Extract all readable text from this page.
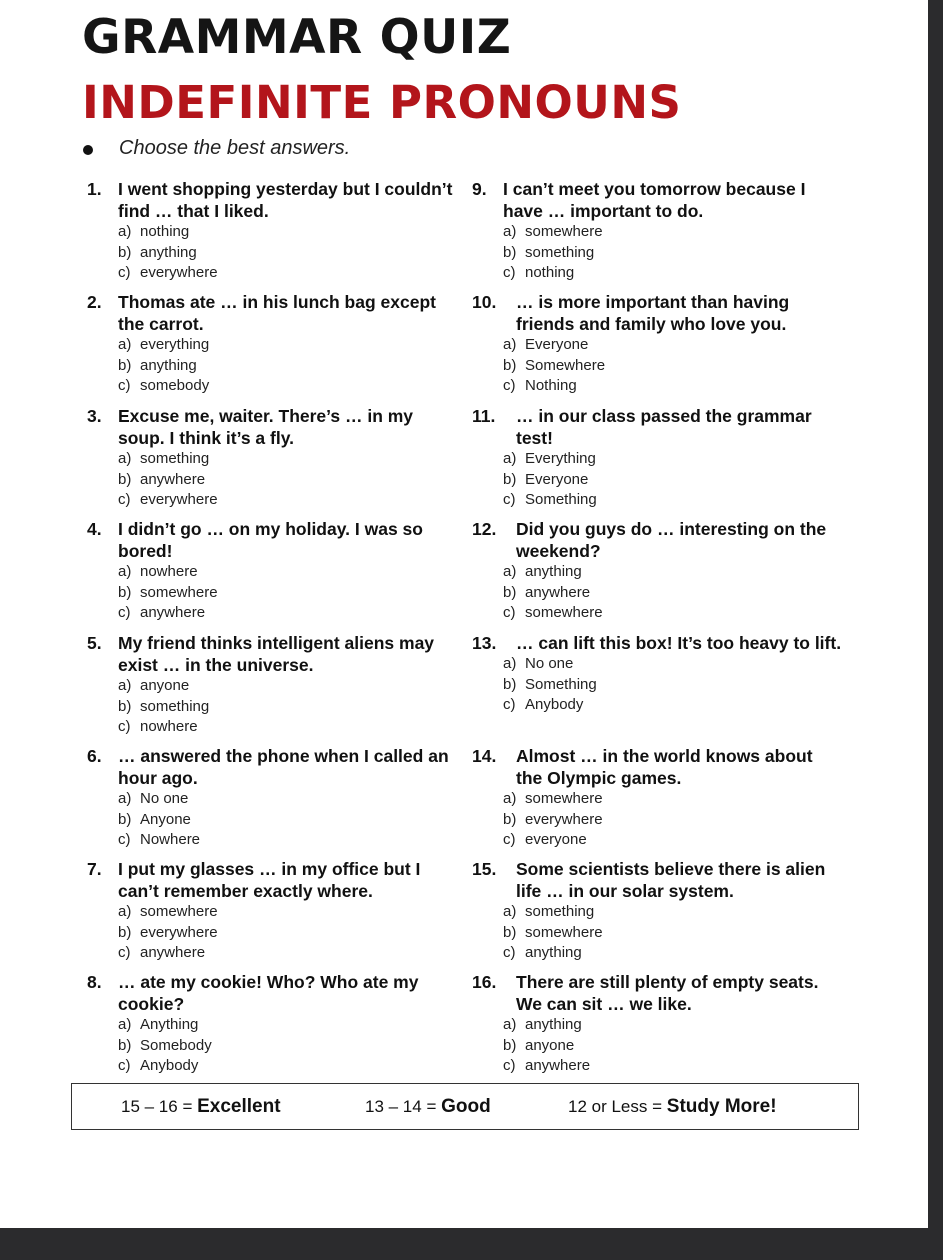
GRAMMAR QUIZ
INDEFINITE PRONOUNS
Choose the best answers.
1. I went shopping yesterday but I couldn’t find … that I liked.
a) nothing
b) anything
c) everywhere
2. Thomas ate … in his lunch bag except the carrot.
a) everything
b) anything
c) somebody
3. Excuse me, waiter. There’s … in my soup. I think it’s a fly.
a) something
b) anywhere
c) everywhere
4. I didn’t go … on my holiday. I was so bored!
a) nowhere
b) somewhere
c) anywhere
5. My friend thinks intelligent aliens may exist … in the universe.
a) anyone
b) something
c) nowhere
6. … answered the phone when I called an hour ago.
a) No one
b) Anyone
c) Nowhere
7. I put my glasses … in my office but I can’t remember exactly where.
a) somewhere
b) everywhere
c) anywhere
8. … ate my cookie! Who? Who ate my cookie?
a) Anything
b) Somebody
c) Anybody
9. I can’t meet you tomorrow because I have … important to do.
a) somewhere
b) something
c) nothing
10.	… is more important than having friends and family who love you.
a) Everyone
b) Somewhere
c) Nothing
11.	… in our class passed the grammar test!
a) Everything
b) Everyone
c) Something
12.	Did you guys do … interesting on the weekend?
a) anything
b) anywhere
c) somewhere
13.	… can lift this box! It’s too heavy to lift.
a) No one
b) Something
c) Anybody
14.	Almost … in the world knows about the Olympic games.
a) somewhere
b) everywhere
c) everyone
15.	Some scientists believe there is alien life … in our solar system.
a) something
b) somewhere
c) anything
16.	There are still plenty of empty seats. We can sit … we like.
a) anything
b) anyone
c) anywhere
15 – 16 = Excellent	13 – 14 = Good	12 or Less = Study More!
